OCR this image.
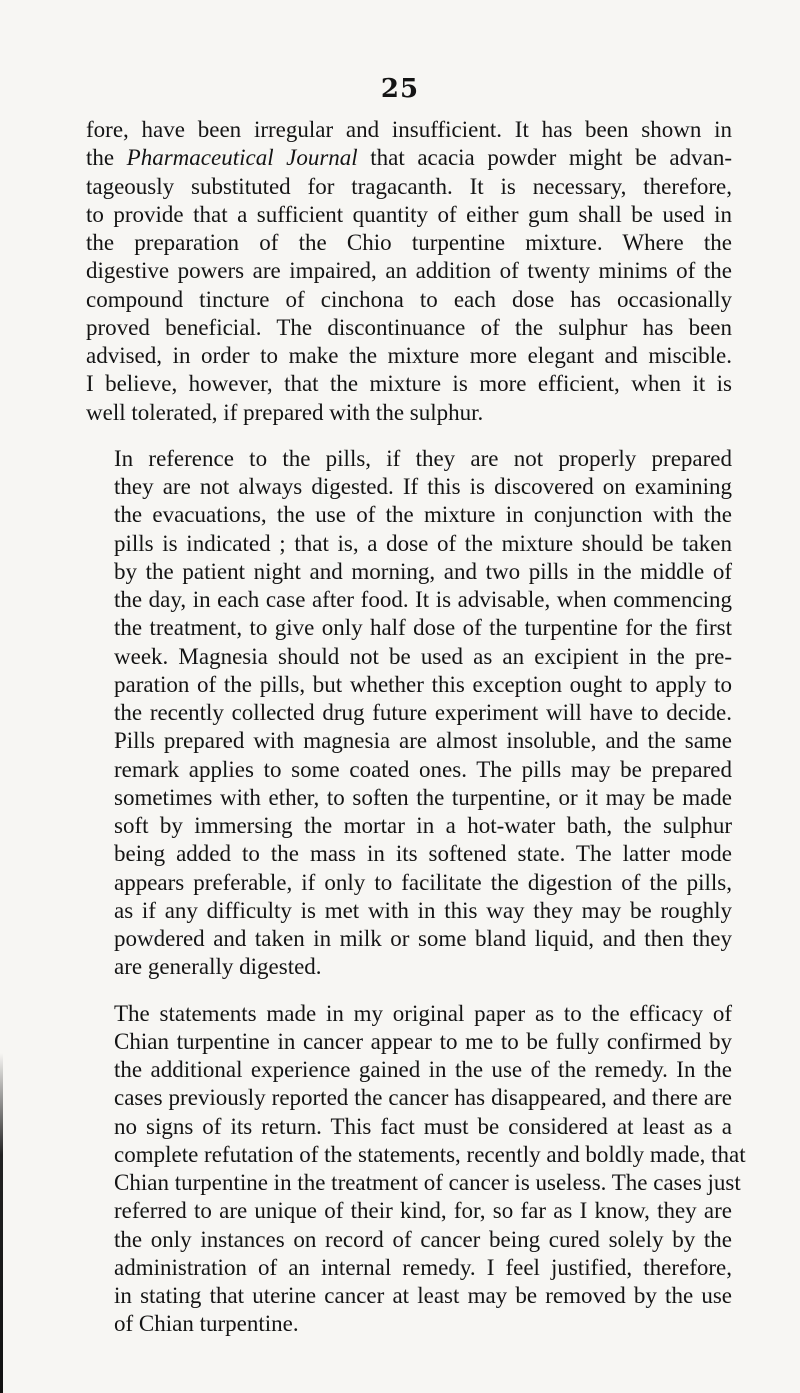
25
fore, have been irregular and insufficient. It has been shown in
the Pharmaceutical Journal that acacia powder might be advan-
tageously substituted for tragacanth. It is necessary, therefore,
to provide that a sufficient quantity of either gum shall be used in
the preparation of the Chio turpentine mixture. Where the
digestive powers are impaired, an addition of twenty minims of the
compound tincture of cinchona to each dose has occasionally
proved beneficial. The discontinuance of the sulphur has been
advised, in order to make the mixture more elegant and miscible.
I believe, however, that the mixture is more efficient, when it is
well tolerated, if prepared with the sulphur.
In reference to the pills, if they are not properly prepared
they are not always digested. If this is discovered on examining
the evacuations, the use of the mixture in conjunction with the
pills is indicated ; that is, a dose of the mixture should be taken
by the patient night and morning, and two pills in the middle of
the day, in each case after food. It is advisable, when commencing
the treatment, to give only half dose of the turpentine for the first
week. Magnesia should not be used as an excipient in the pre-
paration of the pills, but whether this exception ought to apply to
the recently collected drug future experiment will have to decide.
Pills prepared with magnesia are almost insoluble, and the same
remark applies to some coated ones. The pills may be prepared
sometimes with ether, to soften the turpentine, or it may be made
soft by immersing the mortar in a hot-water bath, the sulphur
being added to the mass in its softened state. The latter mode
appears preferable, if only to facilitate the digestion of the pills,
as if any difficulty is met with in this way they may be roughly
powdered and taken in milk or some bland liquid, and then they
are generally digested.
The statements made in my original paper as to the efficacy of
Chian turpentine in cancer appear to me to be fully confirmed by
the additional experience gained in the use of the remedy. In the
cases previously reported the cancer has disappeared, and there are
no signs of its return. This fact must be considered at least as a
complete refutation of the statements, recently and boldly made, that
Chian turpentine in the treatment of cancer is useless. The cases just
referred to are unique of their kind, for, so far as I know, they are
the only instances on record of cancer being cured solely by the
administration of an internal remedy. I feel justified, therefore,
in stating that uterine cancer at least may be removed by the use
of Chian turpentine.
